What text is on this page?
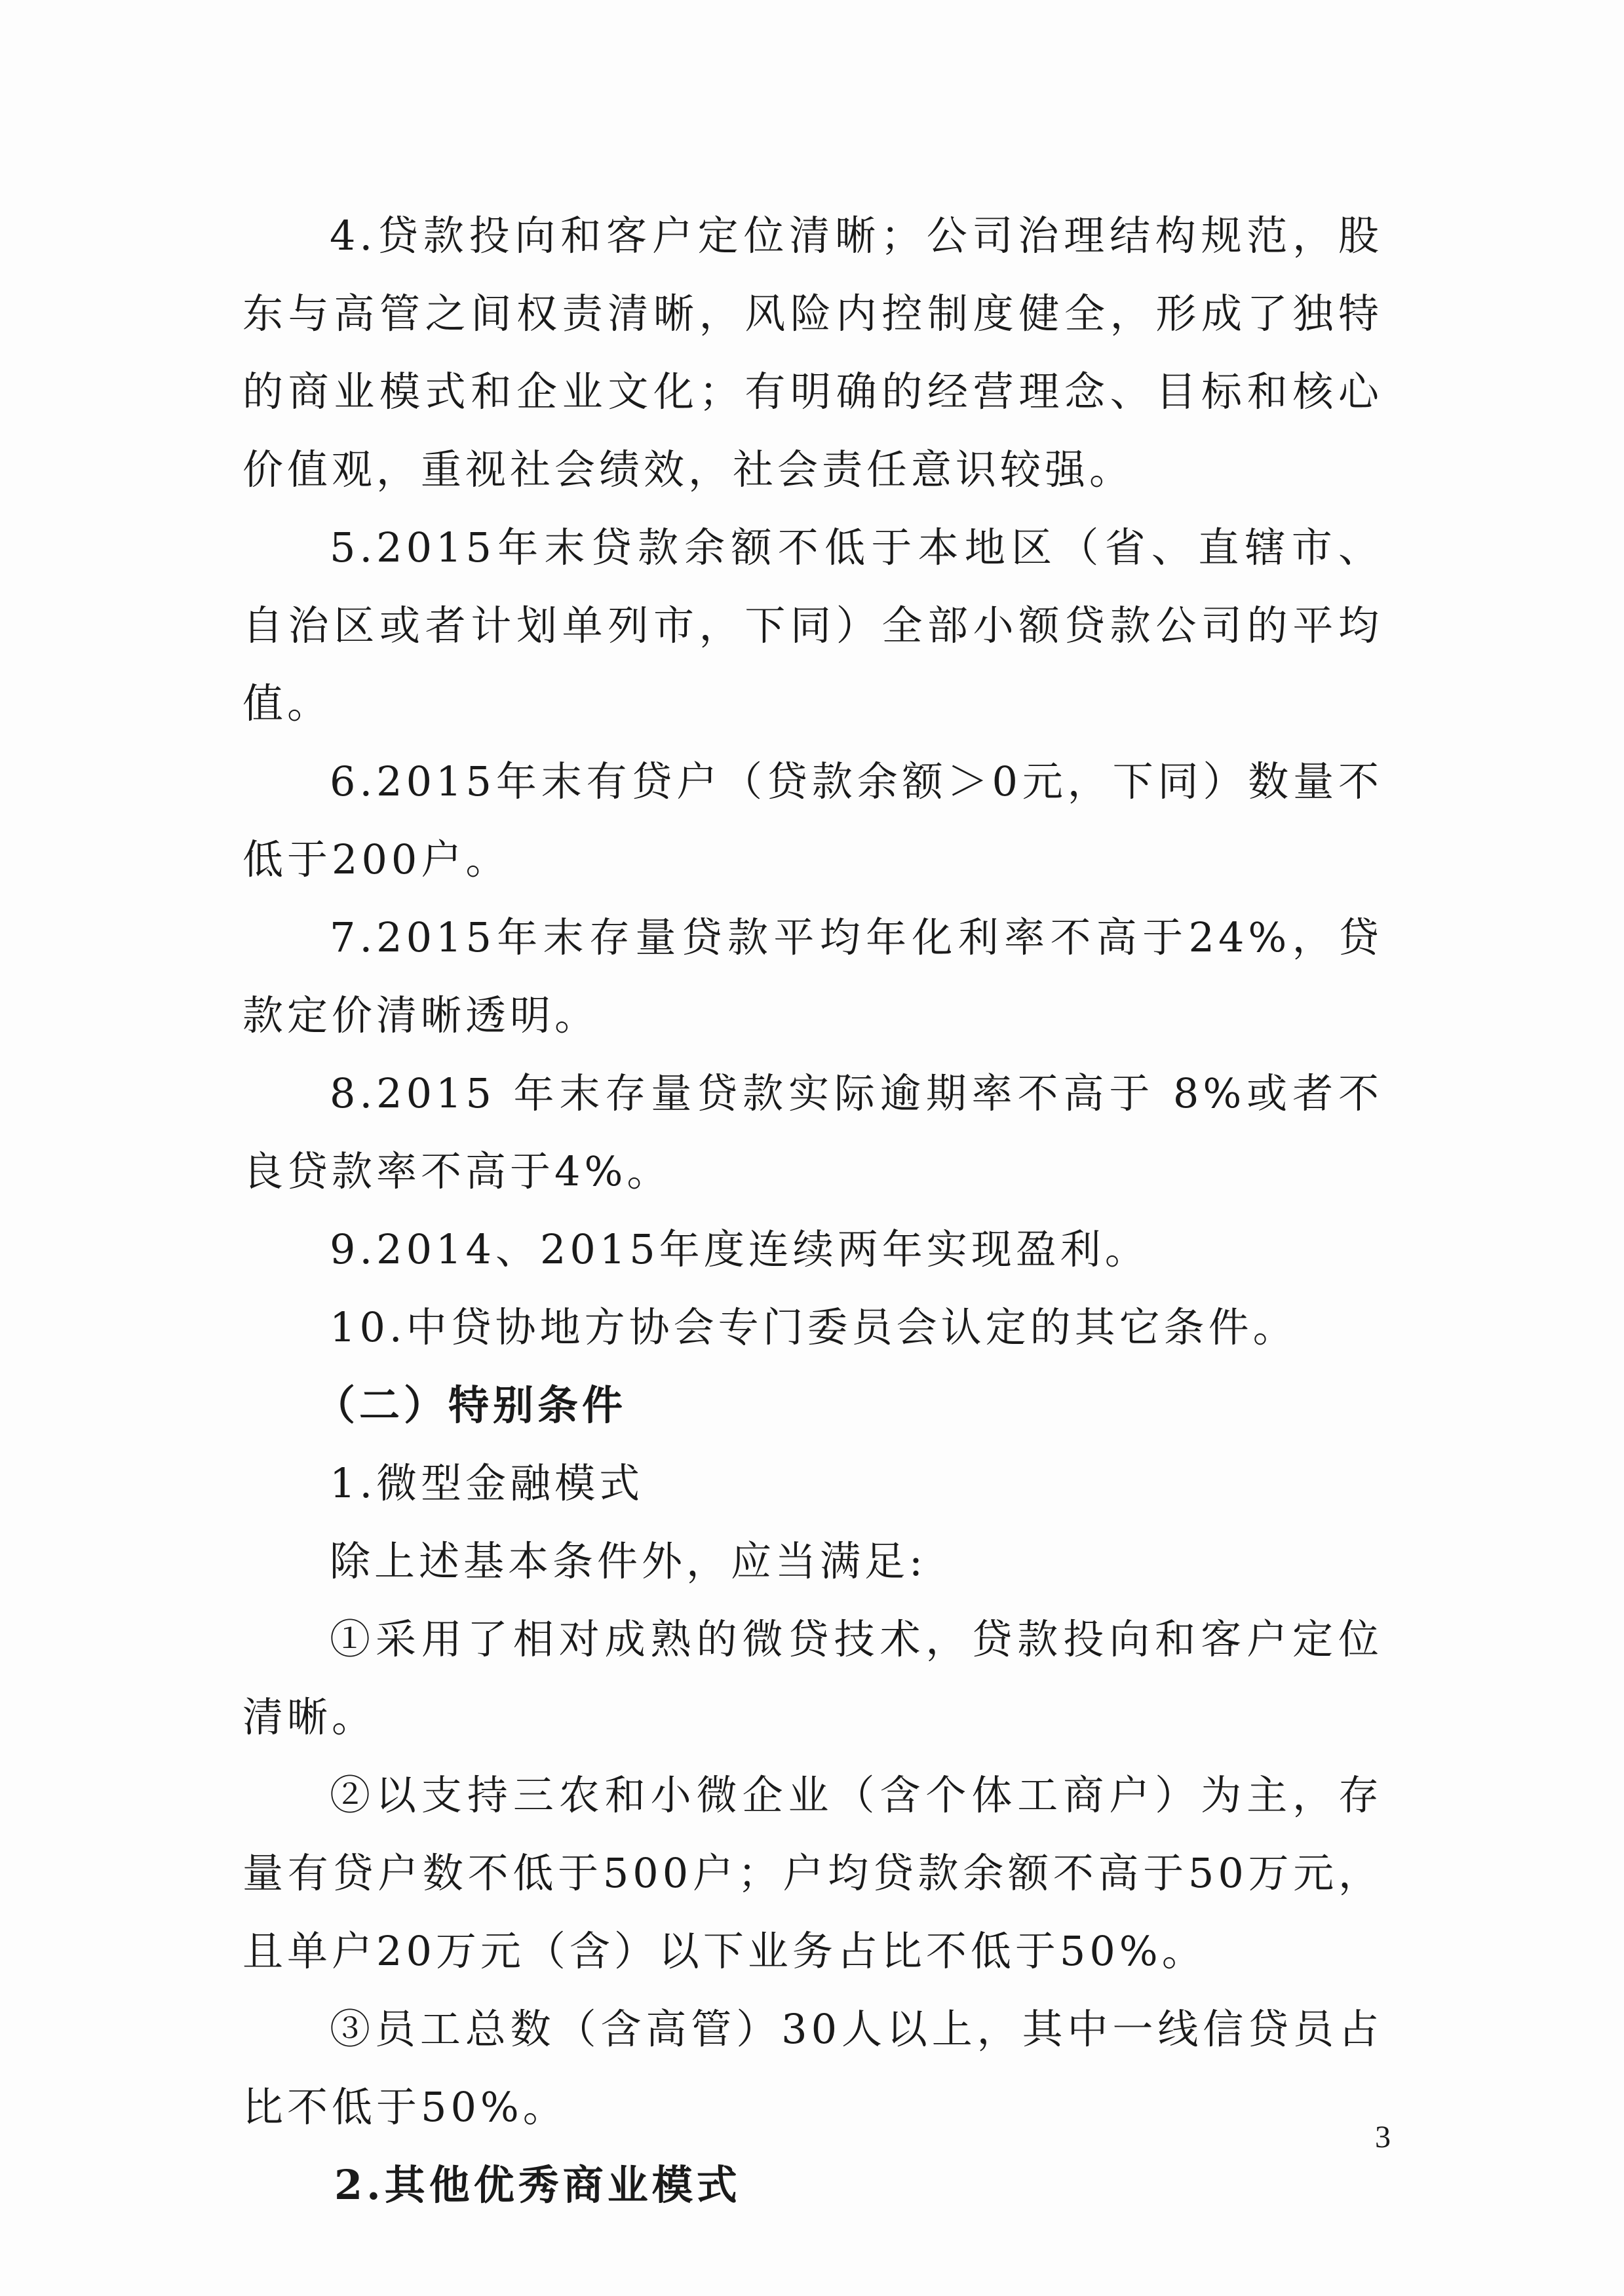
4.贷款投向和客户定位清晰；公司治理结构规范，股东与高管之间权责清晰，风险内控制度健全，形成了独特的商业模式和企业文化；有明确的经营理念、目标和核心价值观，重视社会绩效，社会责任意识较强。

5.2015年末贷款余额不低于本地区（省、直辖市、自治区或者计划单列市，下同）全部小额贷款公司的平均值。

6.2015年末有贷户（贷款余额＞0元，下同）数量不低于200户。

7.2015年末存量贷款平均年化利率不高于24%，贷款定价清晰透明。

8.2015 年末存量贷款实际逾期率不高于 8%或者不良贷款率不高于4%。

9.2014、2015年度连续两年实现盈利。

10.中贷协地方协会专门委员会认定的其它条件。

（二）特别条件

1.微型金融模式

除上述基本条件外，应当满足:

①采用了相对成熟的微贷技术，贷款投向和客户定位清晰。

②以支持三农和小微企业（含个体工商户）为主，存量有贷户数不低于500户；户均贷款余额不高于50万元，且单户20万元（含）以下业务占比不低于50%。

③员工总数（含高管）30人以上，其中一线信贷员占比不低于50%。

2.其他优秀商业模式

3
